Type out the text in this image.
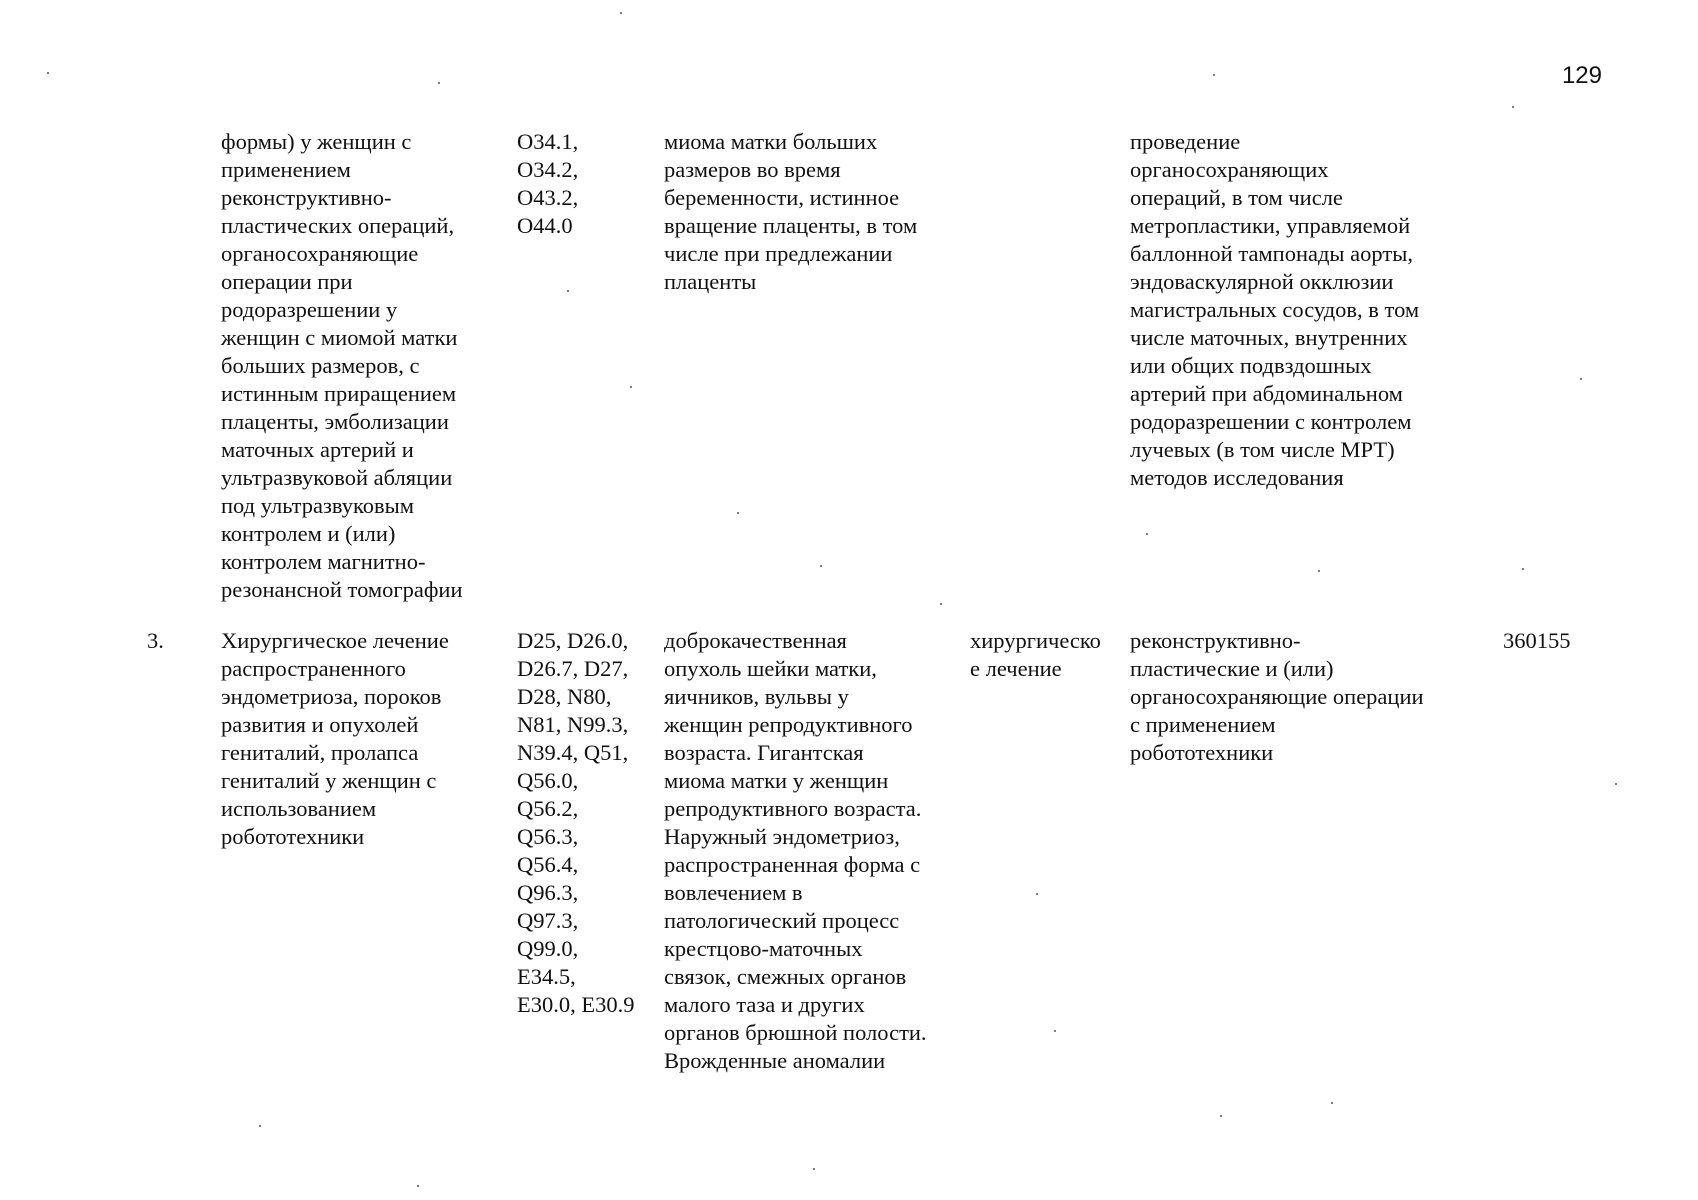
129
формы) у женщин с
применением
реконструктивно-
пластических операций,
органосохраняющие
операции при
родоразрешении у
женщин с миомой матки
больших размеров, с
истинным приращением
плаценты, эмболизации
маточных артерий и
ультразвуковой абляции
под ультразвуковым
контролем и (или)
контролем магнитно-
резонансной томографии
O34.1,
O34.2,
O43.2,
O44.0
миома матки больших
размеров во время
беременности, истинное
вращение плаценты, в том
числе при предлежании
плаценты
проведение
органосохраняющих
операций, в том числе
метропластики, управляемой
баллонной тампонады аорты,
эндоваскулярной окклюзии
магистральных сосудов, в том
числе маточных, внутренних
или общих подвздошных
артерий при абдоминальном
родоразрешении с контролем
лучевых (в том числе МРТ)
методов исследования
3.	Хирургическое лечение
распространенного
эндометриоза, пороков
развития и опухолей
гениталий, пролапса
гениталий у женщин с
использованием
робототехники
D25, D26.0,
D26.7, D27,
D28, N80,
N81, N99.3,
N39.4, Q51,
Q56.0,
Q56.2,
Q56.3,
Q56.4,
Q96.3,
Q97.3,
Q99.0,
E34.5,
E30.0, E30.9
доброкачественная
опухоль шейки матки,
яичников, вульвы у
женщин репродуктивного
возраста. Гигантская
миома матки у женщин
репродуктивного возраста.
Наружный эндометриоз,
распространенная форма с
вовлечением в
патологический процесс
крестцово-маточных
связок, смежных органов
малого таза и других
органов брюшной полости.
Врожденные аномалии
хирургическо
е лечение
реконструктивно-
пластические и (или)
органосохраняющие операции
с применением
робототехники
360155
